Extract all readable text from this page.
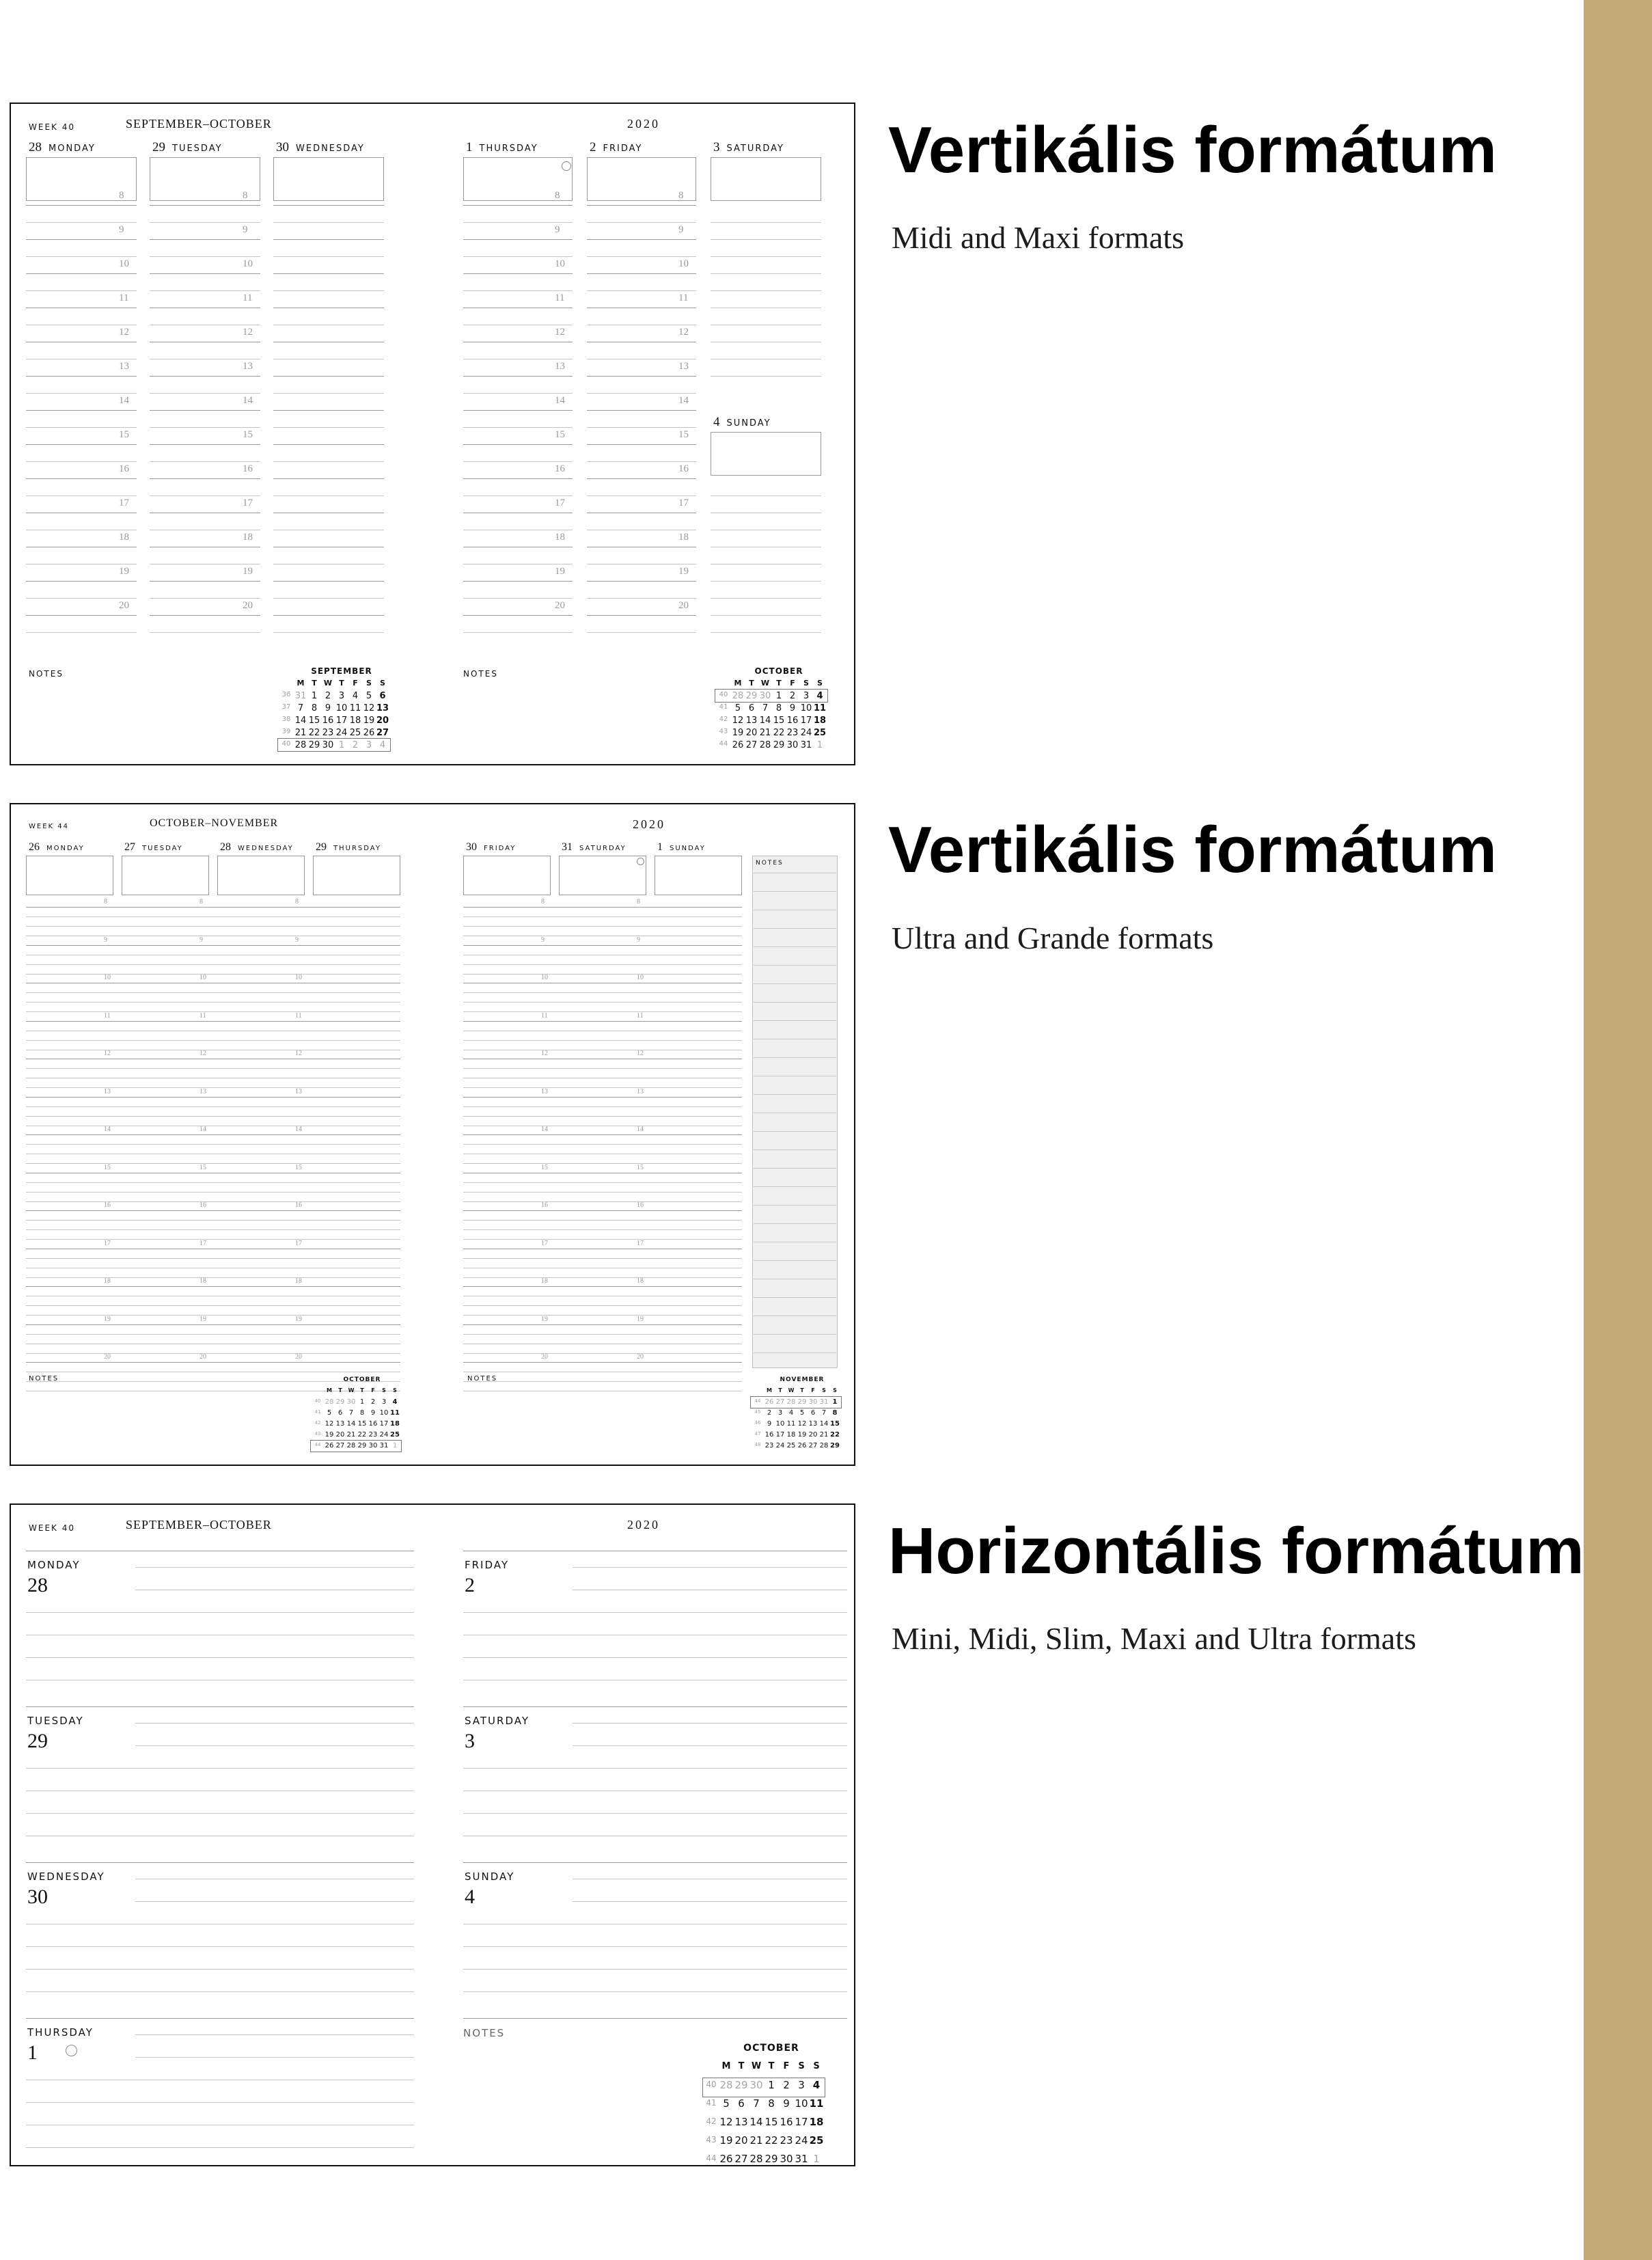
Vertikális formátum

Midi and Maxi formats

Vertikális formátum

Ultra and Grande formats

Horizontális formátum

Mini, Midi, Slim, Maxi and Ultra formats

WEEK 40	SEPTEMBER–OCTOBER	2020
NOTES	NOTES
28 MONDAY
8
9
10
11
12
13
14
15
16
17
18
19
20
29 TUESDAY
8
9
10
11
12
13
14
15
16
17
18
19
20
30 WEDNESDAY	1 THURSDAY
8
9
10
11
12
13
14
15
16
17
18
19
20
2 FRIDAY
8
9
10
11
12
13
14
15
16
17
18
19
20
3 SATURDAY
4 SUNDAY
SEPTEMBER
M T W T	F	S	S
36 31 1 2 3 4 5 6
37 7 8 9 10 11 12 13
38 14 15 16 17 18 19 20
39 21 22 23 24 25 26 27
40 28 29 30 1 2 3 4
OCTOBER
M T W T	F	S	S
40 28 29 30 1 2 3 4
41 5 6 7 8 9 10 11
42 12 13 14 15 16 17 18
43 19 20 21 22 23 24 25
44 26 27 28 29 30 31 1
WEEK 44	OCTOBER–NOVEMBER	2020
NOTES
NOTES	NOTES
26 MONDAY	27 TUESDAY	28 WEDNESDAY 29 THURSDAY	30 FRIDAY	31 SATURDAY	1 SUNDAY
8	8	8
9	9	9
10	10	10
11	11	11
12	12	12
13	13	13
14	14	14
15	15	15
16	16	16
17	17	17
18	18	18
19	19	19
20	20	20
8	8
9	9
10	10
11	11
12	12
13	13
14	14
15	15
16	16
17	17
18	18
19	19
20	20
OCTOBER
M	T	W	T	F	S	S
40 28 29 30 1 2 3 4
41 5 6 7 8 9 10 11
42 12 13 14 15 16 17 18
43 19 20 21 22 23 24 25
44 26 27 28 29 30 31 1
NOVEMBER
M	T	W	T	F	S	S
44 26 27 28 29 30 31 1
45 2 3 4 5 6 7 8
46 9 10 11 12 13 14 15
47 16 17 18 19 20 21 22
48 23 24 25 26 27 28 29
WEEK 40	SEPTEMBER–OCTOBER	2020
NOTES
MONDAY
28
TUESDAY
29
WEDNESDAY
30
THURSDAY
1
FRIDAY
2
SATURDAY
3
SUNDAY
4
OCTOBER
M T W T	F S S
40 28 29 30 1 2 3 4
41 5 6 7 8 9 10 11
42 12 13 14 15 16 17 18
43 19 20 21 22 23 24 25
44 26 27 28 29 30 31 1
